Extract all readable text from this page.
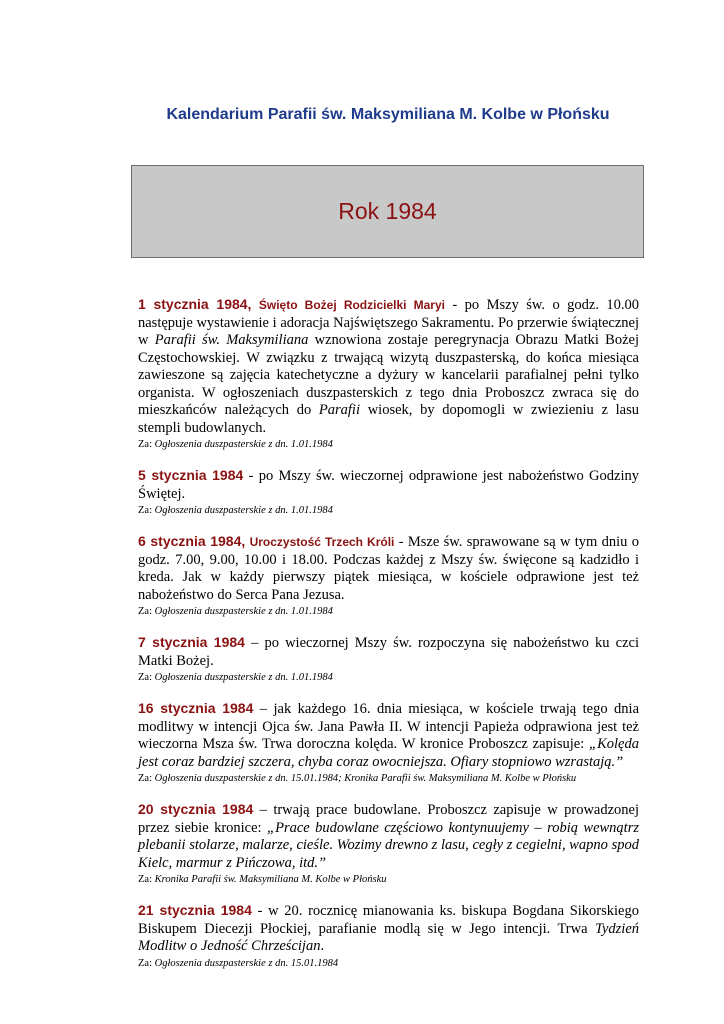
Kalendarium Parafii św. Maksymiliana M. Kolbe w Płońsku
Rok 1984

1 stycznia 1984, Święto Bożej Rodzicielki Maryi - po Mszy św. o godz. 10.00 następuje wystawienie i adoracja Najświętszego Sakramentu. Po przerwie świątecznej w Parafii św. Maksymiliana wznowiona zostaje peregrynacja Obrazu Matki Bożej Częstochowskiej. W związku z trwającą wizytą duszpasterską, do końca miesiąca zawieszone są zajęcia katechetyczne a dyżury w kancelarii parafialnej pełni tylko organista. W ogłoszeniach duszpasterskich z tego dnia Proboszcz zwraca się do mieszkańców należących do Parafii wiosek, by dopomogli w zwiezieniu z lasu stempli budowlanych.

Za: Ogłoszenia duszpasterskie z dn. 1.01.1984

5 stycznia 1984 - po Mszy św. wieczornej odprawione jest nabożeństwo Godziny Świętej.

Za: Ogłoszenia duszpasterskie z dn. 1.01.1984

6 stycznia 1984, Uroczystość Trzech Króli - Msze św. sprawowane są w tym dniu o godz. 7.00, 9.00, 10.00 i 18.00. Podczas każdej z Mszy św. święcone są kadzidło i kreda. Jak w każdy pierwszy piątek miesiąca, w kościele odprawione jest też nabożeństwo do Serca Pana Jezusa.

Za: Ogłoszenia duszpasterskie z dn. 1.01.1984

7 stycznia 1984 – po wieczornej Mszy św. rozpoczyna się nabożeństwo ku czci Matki Bożej.

Za: Ogłoszenia duszpasterskie z dn. 1.01.1984

16 stycznia 1984 – jak każdego 16. dnia miesiąca, w kościele trwają tego dnia modlitwy w intencji Ojca św. Jana Pawła II. W intencji Papieża odprawiona jest też wieczorna Msza św. Trwa doroczna kolęda. W kronice Proboszcz zapisuje: „Kolęda jest coraz bardziej szczera, chyba coraz owocniejsza. Ofiary stopniowo wzrastają.”

Za: Ogłoszenia duszpasterskie z dn. 15.01.1984; Kronika Parafii św. Maksymiliana M. Kolbe w Płońsku

20 stycznia 1984 – trwają prace budowlane. Proboszcz zapisuje w prowadzonej przez siebie kronice: „Prace budowlane częściowo kontynuujemy – robią wewnątrz plebanii stolarze, malarze, cieśle. Wozimy drewno z lasu, cegły z cegielni, wapno spod Kielc, marmur z Pińczowa, itd.”

Za: Kronika Parafii św. Maksymiliana M. Kolbe w Płońsku

21 stycznia 1984 - w 20. rocznicę mianowania ks. biskupa Bogdana Sikorskiego Biskupem Diecezji Płockiej, parafianie modlą się w Jego intencji. Trwa Tydzień Modlitw o Jedność Chrześcijan.

Za: Ogłoszenia duszpasterskie z dn. 15.01.1984
